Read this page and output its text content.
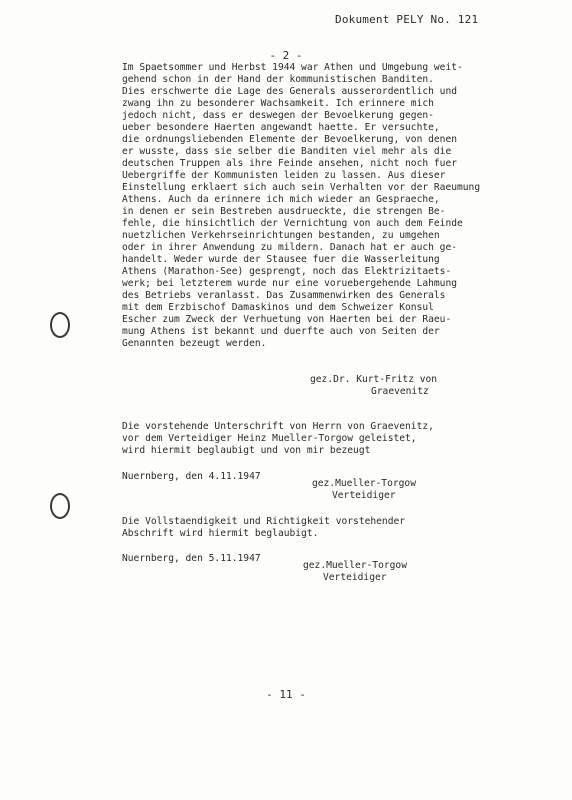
Dokument PELY No. 121
- 2 -
Im Spaetsommer und Herbst 1944 war Athen und Umgebung weit-
gehend schon in der Hand der kommunistischen Banditen.
Dies erschwerte die Lage des Generals ausserordentlich und
zwang ihn zu besonderer Wachsamkeit. Ich erinnere mich
jedoch nicht, dass er deswegen der Bevoelkerung gegen-
ueber besondere Haerten angewandt haette. Er versuchte,
die ordnungsliebenden Elemente der Bevoelkerung, von denen
er wusste, dass sie selber die Banditen viel mehr als die
deutschen Truppen als ihre Feinde ansehen, nicht noch fuer
Uebergriffe der Kommunisten leiden zu lassen. Aus dieser
Einstellung erklaert sich auch sein Verhalten vor der Raeumung
Athens. Auch da erinnere ich mich wieder an Gespraeche,
in denen er sein Bestreben ausdrueckte, die strengen Be-
fehle, die hinsichtlich der Vernichtung von auch dem Feinde
nuetzlichen Verkehrseinrichtungen bestanden, zu umgehen
oder in ihrer Anwendung zu mildern. Danach hat er auch ge-
handelt. Weder wurde der Stausee fuer die Wasserleitung
Athens (Marathon-See) gesprengt, noch das Elektrizitaets-
werk; bei letzterem wurde nur eine voruebergehende Lahmung
des Betriebs veranlasst. Das Zusammenwirken des Generals
mit dem Erzbischof Damaskinos und dem Schweizer Konsul
Escher zum Zweck der Verhuetung von Haerten bei der Raeu-
mung Athens ist bekannt und duerfte auch von Seiten der
Genannten bezeugt werden.
gez.Dr. Kurt-Fritz von
Graevenitz
Die vorstehende Unterschrift von Herrn von Graevenitz,
vor dem Verteidiger Heinz Mueller-Torgow geleistet,
wird hiermit beglaubigt und von mir bezeugt
Nuernberg, den 4.11.1947
gez.Mueller-Torgow
Verteidiger
Die Vollstaendigkeit und Richtigkeit vorstehender
Abschrift wird hiermit beglaubigt.
Nuernberg, den 5.11.1947
gez.Mueller-Torgow
Verteidiger
- 11 -
